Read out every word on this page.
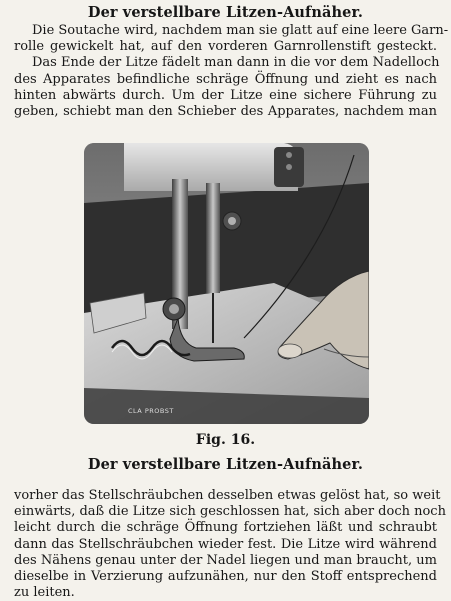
Der verstellbare Litzen-Aufnäher.
Die Soutache wird, nachdem man sie glatt auf eine leere Garn-
rolle gewickelt hat, auf den vorderen Garnrollenstift gesteckt.
Das Ende der Litze fädelt man dann in die vor dem Nadelloch
des Apparates befindliche schräge Öffnung und zieht es nach
hinten abwärts durch. Um der Litze eine sichere Führung zu
geben, schiebt man den Schieber des Apparates, nachdem man
CLA PROBST
Fig. 16.
Der verstellbare Litzen-Aufnäher.
vorher das Stellschräubchen desselben etwas gelöst hat, so weit
einwärts, daß die Litze sich geschlossen hat, sich aber doch noch
leicht durch die schräge Öffnung fortziehen läßt und schraubt
dann das Stellschräubchen wieder fest. Die Litze wird während
des Nähens genau unter der Nadel liegen und man braucht, um
dieselbe in Verzierung aufzunähen, nur den Stoff entsprechend
zu leiten.
